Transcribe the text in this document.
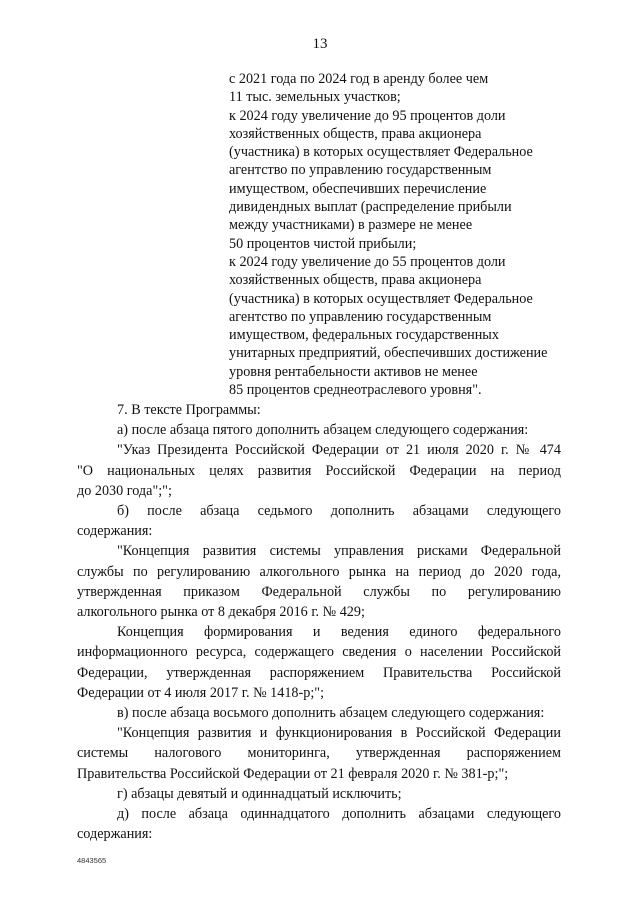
13
с 2021 года по 2024 год в аренду более чем
11 тыс. земельных участков;
к 2024 году увеличение до 95 процентов доли
хозяйственных обществ, права акционера
(участника) в которых осуществляет Федеральное
агентство по управлению государственным
имуществом, обеспечивших перечисление
дивидендных выплат (распределение прибыли
между участниками) в размере не менее
50 процентов чистой прибыли;
к 2024 году увеличение до 55 процентов доли
хозяйственных обществ, права акционера
(участника) в которых осуществляет Федеральное
агентство по управлению государственным
имуществом, федеральных государственных
унитарных предприятий, обеспечивших достижение
уровня рентабельности активов не менее
85 процентов среднеотраслевого уровня".
7. В тексте Программы:
а) после абзаца пятого дополнить абзацем следующего содержания:
"Указ Президента Российской Федерации от 21 июля 2020 г. № 474
"О национальных целях развития Российской Федерации на период
до 2030 года";";
б) после абзаца седьмого дополнить абзацами следующего
содержания:
"Концепция развития системы управления рисками Федеральной
службы по регулированию алкогольного рынка на период до 2020 года,
утвержденная приказом Федеральной службы по регулированию
алкогольного рынка от 8 декабря 2016 г. № 429;
Концепция формирования и ведения единого федерального
информационного ресурса, содержащего сведения о населении Российской
Федерации, утвержденная распоряжением Правительства Российской
Федерации от 4 июля 2017 г. № 1418-р;";
в) после абзаца восьмого дополнить абзацем следующего содержания:
"Концепция развития и функционирования в Российской Федерации
системы налогового мониторинга, утвержденная распоряжением
Правительства Российской Федерации от 21 февраля 2020 г. № 381-р;";
г) абзацы девятый и одиннадцатый исключить;
д) после абзаца одиннадцатого дополнить абзацами следующего
содержания:
4843565
